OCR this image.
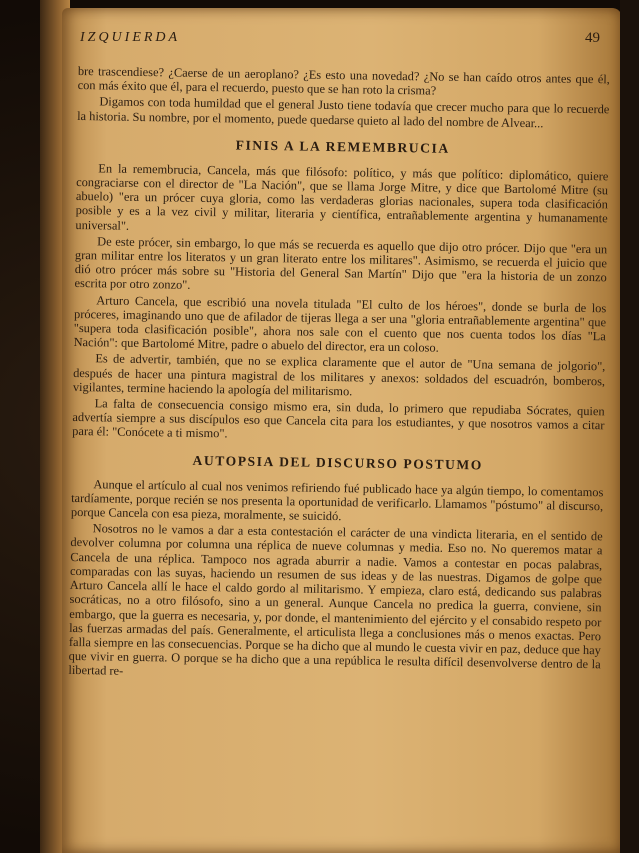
IZQUIERDA	49

bre trascendiese? ¿Caerse de un aeroplano? ¿Es esto una novedad? ¿No se han caído otros antes que él, con más éxito que él, para el recuerdo, puesto que se han roto la crisma?

Digamos con toda humildad que el general Justo tiene todavía que crecer mucho para que lo recuerde la historia. Su nombre, por el momento, puede quedarse quieto al lado del nombre de Alvear...

FINIS A LA REMEMBRUCIA

En la remembrucia, Cancela, más que filósofo: político, y más que político: diplomático, quiere congraciarse con el director de "La Nación", que se llama Jorge Mitre, y dice que Bartolomé Mitre (su abuelo) "era un prócer cuya gloria, como las verdaderas glorias nacionales, supera toda clasificación posible y es a la vez civil y militar, literaria y científica, entrañablemente argentina y humanamente universal".

De este prócer, sin embargo, lo que más se recuerda es aquello que dijo otro prócer. Dijo que "era un gran militar entre los literatos y un gran literato entre los militares". Asimismo, se recuerda el juicio que dió otro prócer más sobre su "Historia del General San Martín" Dijo que "era la historia de un zonzo escrita por otro zonzo".

Arturo Cancela, que escribió una novela titulada "El culto de los héroes", donde se burla de los próceres, imaginando uno que de afilador de tijeras llega a ser una "gloria entrañablemente argentina" que "supera toda clasificación posible", ahora nos sale con el cuento que nos cuenta todos los días "La Nación": que Bartolomé Mitre, padre o abuelo del director, era un coloso.

Es de advertir, también, que no se explica claramente que el autor de "Una semana de jolgorio", después de hacer una pintura magistral de los militares y anexos: soldados del escuadrón, bomberos, vigilantes, termine haciendo la apología del militarismo.

La falta de consecuencia consigo mismo era, sin duda, lo primero que repudiaba Sócrates, quien advertía siempre a sus discípulos eso que Cancela cita para los estudiantes, y que nosotros vamos a citar para él: "Conócete a ti mismo".

AUTOPSIA DEL DISCURSO POSTUMO

Aunque el artículo al cual nos venimos refiriendo fué publicado hace ya algún tiempo, lo comentamos tardíamente, porque recién se nos presenta la oportunidad de verificarlo. Llamamos "póstumo" al discurso, porque Cancela con esa pieza, moralmente, se suicidó.

Nosotros no le vamos a dar a esta contestación el carácter de una vindicta literaria, en el sentido de devolver columna por columna una réplica de nueve columnas y media. Eso no. No queremos matar a Cancela de una réplica. Tampoco nos agrada aburrir a nadie. Vamos a contestar en pocas palabras, comparadas con las suyas, haciendo un resumen de sus ideas y de las nuestras. Digamos de golpe que Arturo Cancela allí le hace el caldo gordo al militarismo. Y empieza, claro está, dedicando sus palabras socráticas, no a otro filósofo, sino a un general. Aunque Cancela no predica la guerra, conviene, sin embargo, que la guerra es necesaria, y, por donde, el mantenimiento del ejército y el consabido respeto por las fuerzas armadas del país. Generalmente, el articulista llega a conclusiones más o menos exactas. Pero falla siempre en las consecuencias. Porque se ha dicho que al mundo le cuesta vivir en paz, deduce que hay que vivir en guerra. O porque se ha dicho que a una república le resulta difícil desenvolverse dentro de la libertad re-
